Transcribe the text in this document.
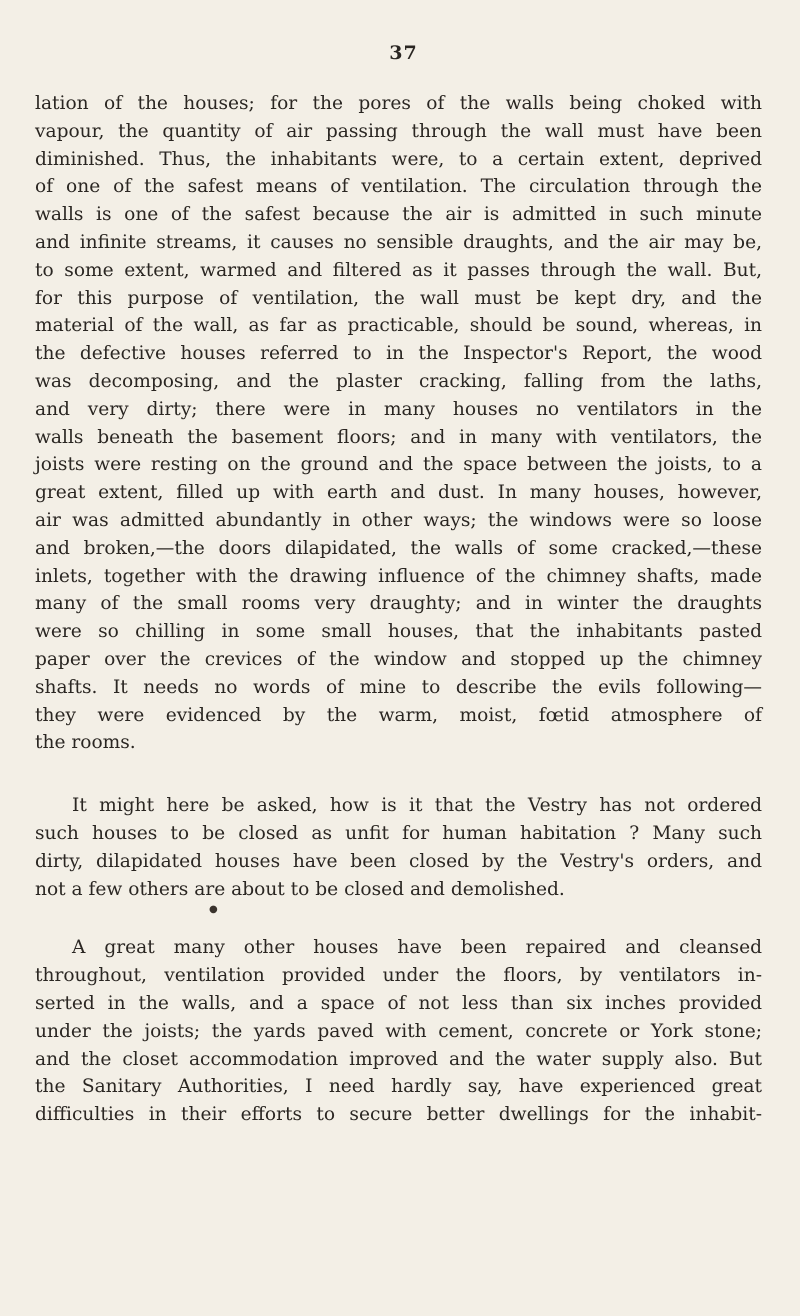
37
lation of the houses; for the pores of the walls being choked with
vapour, the quantity of air passing through the wall must have been
diminished. Thus, the inhabitants were, to a certain extent, deprived
of one of the safest means of ventilation. The circulation through the
walls is one of the safest because the air is admitted in such minute
and infinite streams, it causes no sensible draughts, and the air may be,
to some extent, warmed and filtered as it passes through the wall. But,
for this purpose of ventilation, the wall must be kept dry, and the
material of the wall, as far as practicable, should be sound, whereas, in
the defective houses referred to in the Inspector's Report, the wood
was decomposing, and the plaster cracking, falling from the laths,
and very dirty; there were in many houses no ventilators in the
walls beneath the basement floors; and in many with ventilators, the
joists were resting on the ground and the space between the joists, to a
great extent, filled up with earth and dust. In many houses, however,
air was admitted abundantly in other ways; the windows were so loose
and broken,—the doors dilapidated, the walls of some cracked,—these
inlets, together with the drawing influence of the chimney shafts, made
many of the small rooms very draughty; and in winter the draughts
were so chilling in some small houses, that the inhabitants pasted
paper over the crevices of the window and stopped up the chimney
shafts. It needs no words of mine to describe the evils following—
they were evidenced by the warm, moist, fœtid atmosphere of
the rooms.
It might here be asked, how is it that the Vestry has not ordered
such houses to be closed as unfit for human habitation ? Many such
dirty, dilapidated houses have been closed by the Vestry's orders, and
not a few others are about to be closed and demolished.
●
A great many other houses have been repaired and cleansed
throughout, ventilation provided under the floors, by ventilators in-
serted in the walls, and a space of not less than six inches provided
under the joists; the yards paved with cement, concrete or York stone;
and the closet accommodation improved and the water supply also. But
the Sanitary Authorities, I need hardly say, have experienced great
difficulties in their efforts to secure better dwellings for the inhabit-
